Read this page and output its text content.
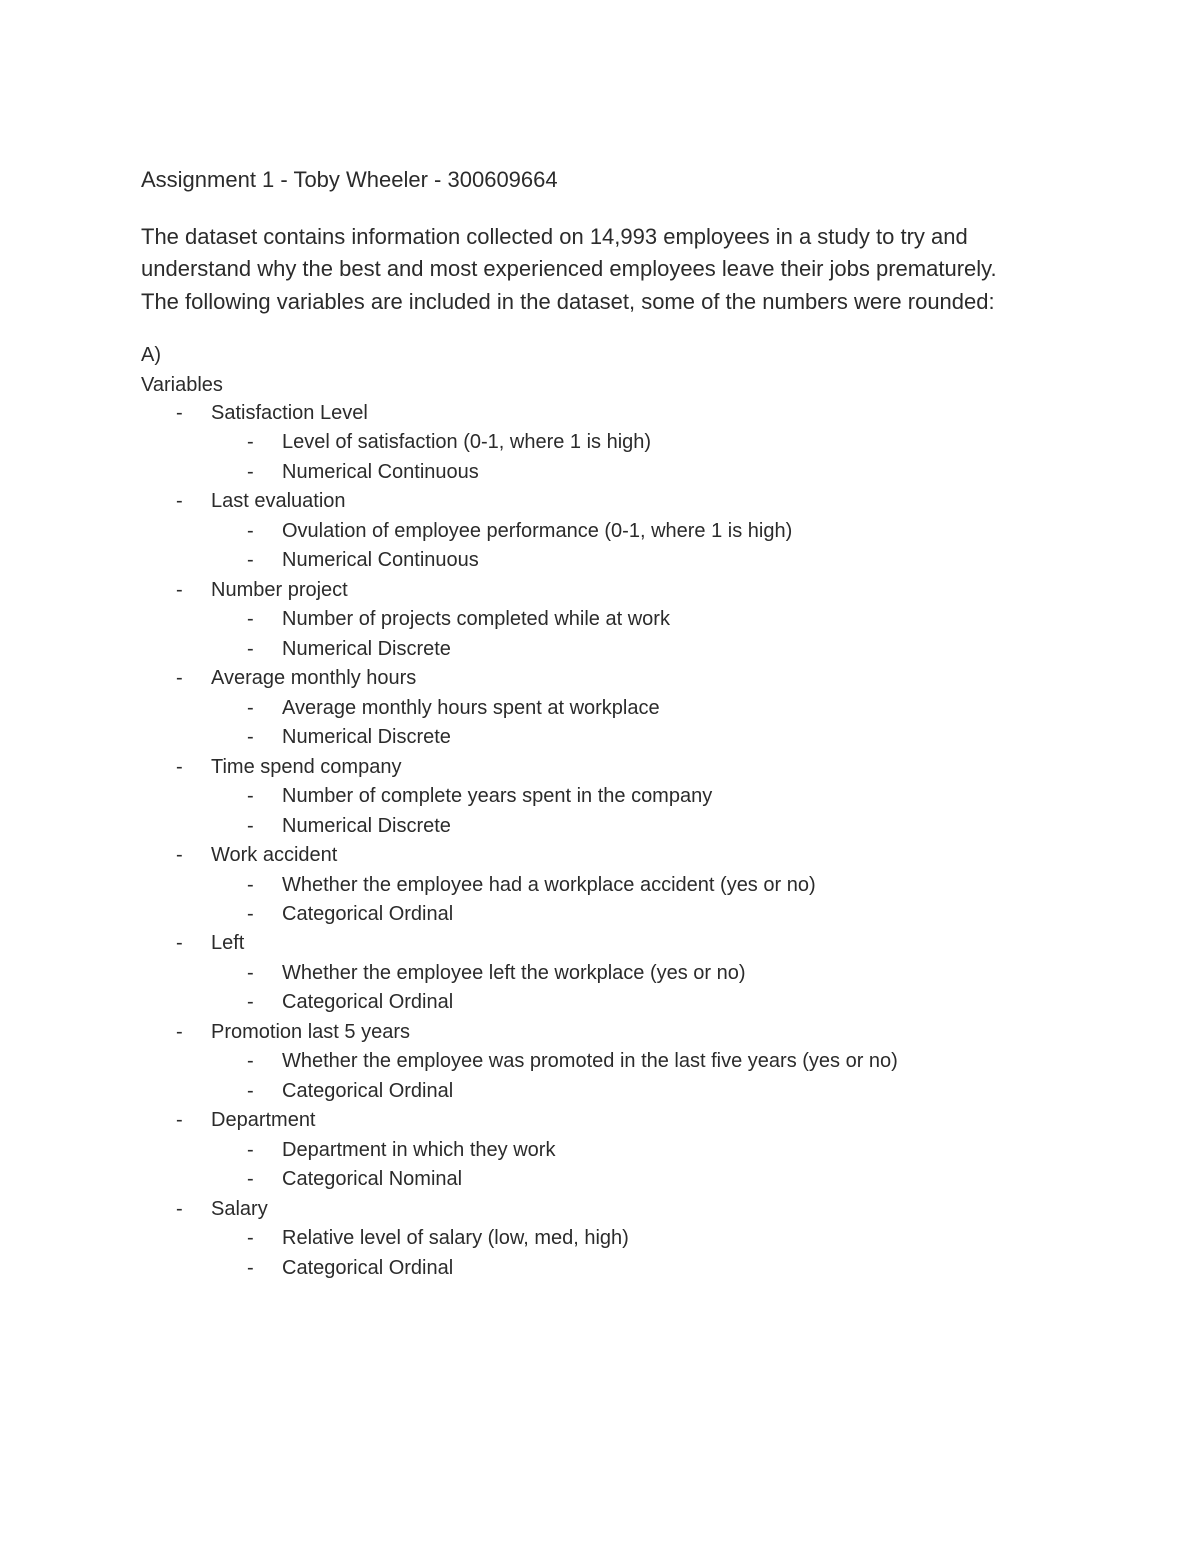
Assignment 1 - Toby Wheeler - 300609664
The dataset contains information collected on 14,993 employees in a study to try and
understand why the best and most experienced employees leave their jobs prematurely.
The following variables are included in the dataset, some of the numbers were rounded:
A)
Variables
- Satisfaction Level
- Level of satisfaction (0-1, where 1 is high)
- Numerical Continuous
- Last evaluation
- Ovulation of employee performance (0-1, where 1 is high)
- Numerical Continuous
- Number project
- Number of projects completed while at work
- Numerical Discrete
- Average monthly hours
- Average monthly hours spent at workplace
- Numerical Discrete
- Time spend company
- Number of complete years spent in the company
- Numerical Discrete
- Work accident
- Whether the employee had a workplace accident (yes or no)
- Categorical Ordinal
- Left
- Whether the employee left the workplace (yes or no)
- Categorical Ordinal
- Promotion last 5 years
- Whether the employee was promoted in the last five years (yes or no)
- Categorical Ordinal
- Department
- Department in which they work
- Categorical Nominal
- Salary
- Relative level of salary (low, med, high)
- Categorical Ordinal
